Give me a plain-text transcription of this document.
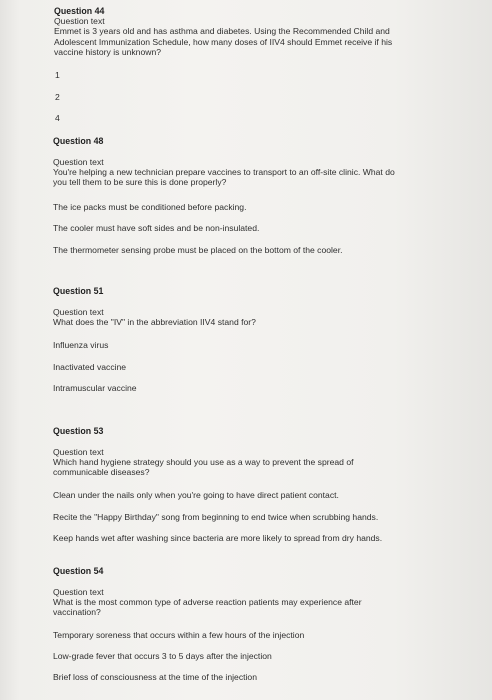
Question 44
Question text
Emmet is 3 years old and has asthma and diabetes. Using the Recommended Child and Adolescent Immunization Schedule, how many doses of IIV4 should Emmet receive if his vaccine history is unknown?
1
2
4
Question 48
Question text
You're helping a new technician prepare vaccines to transport to an off-site clinic. What do you tell them to be sure this is done properly?
The ice packs must be conditioned before packing.
The cooler must have soft sides and be non-insulated.
The thermometer sensing probe must be placed on the bottom of the cooler.
Question 51
Question text
What does the "IV" in the abbreviation IIV4 stand for?
Influenza virus
Inactivated vaccine
Intramuscular vaccine
Question 53
Question text
Which hand hygiene strategy should you use as a way to prevent the spread of communicable diseases?
Clean under the nails only when you're going to have direct patient contact.
Recite the "Happy Birthday" song from beginning to end twice when scrubbing hands.
Keep hands wet after washing since bacteria are more likely to spread from dry hands.
Question 54
Question text
What is the most common type of adverse reaction patients may experience after vaccination?
Temporary soreness that occurs within a few hours of the injection
Low-grade fever that occurs 3 to 5 days after the injection
Brief loss of consciousness at the time of the injection
